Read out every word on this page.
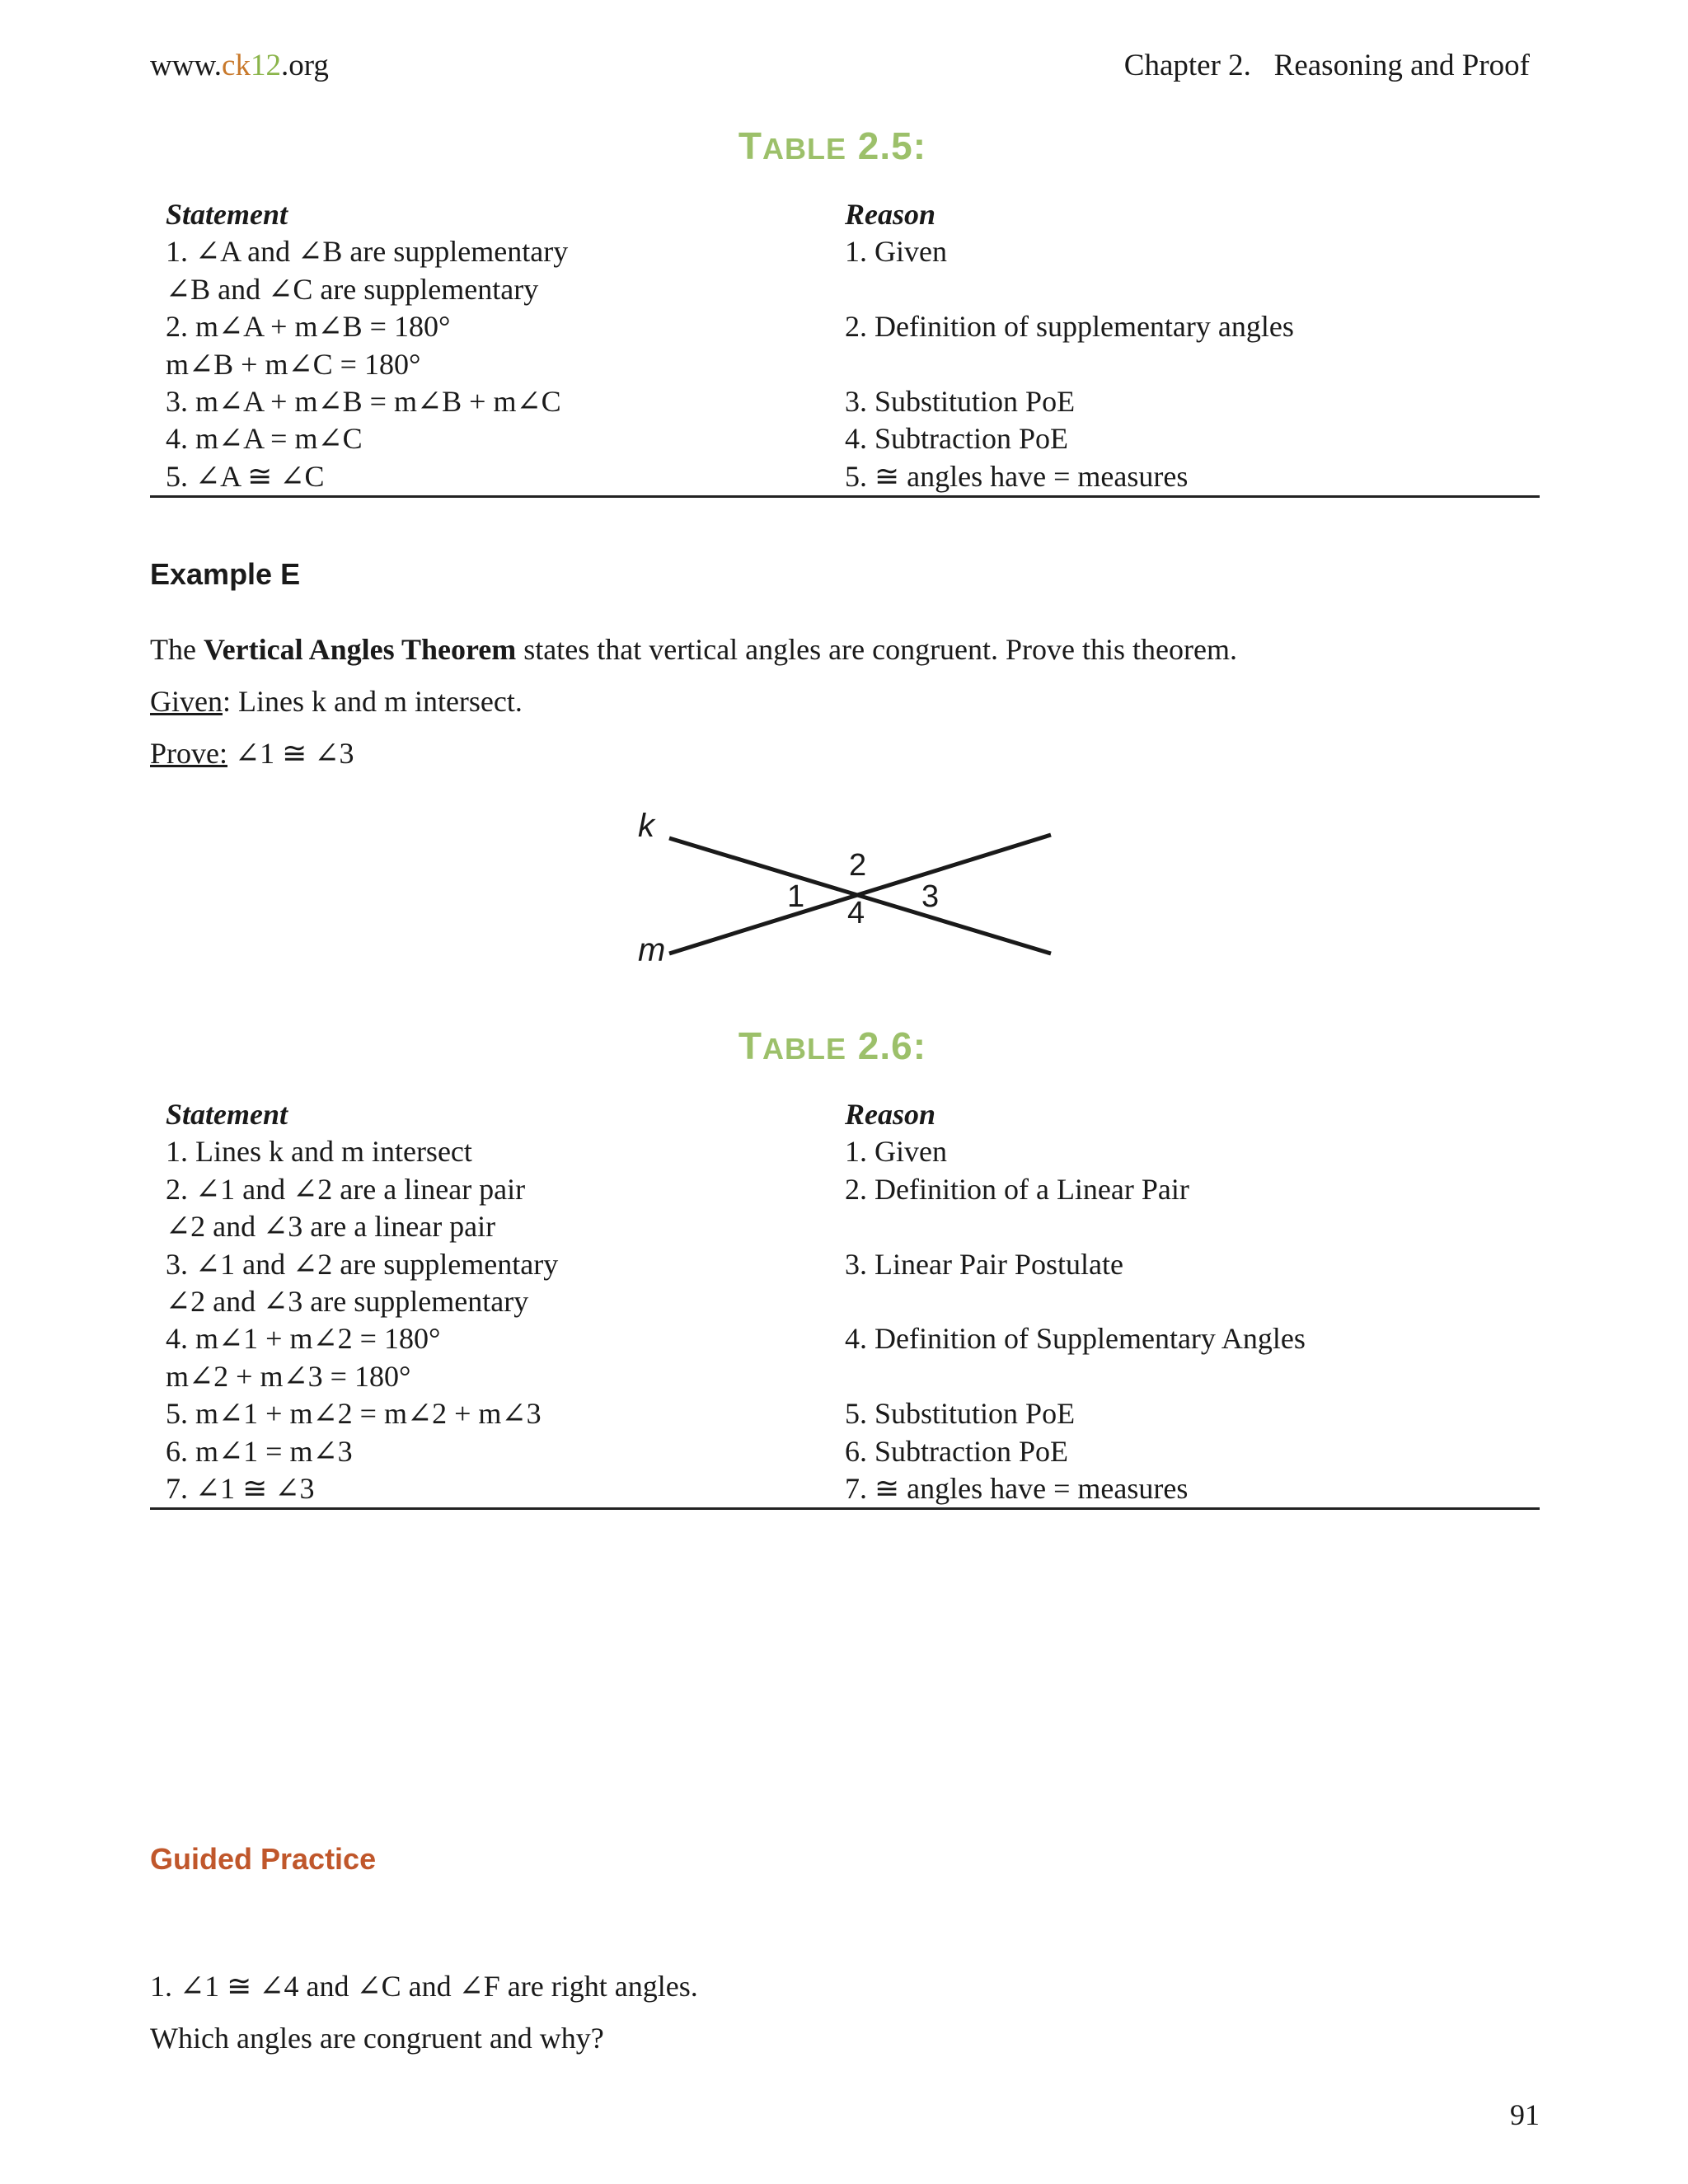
www.ck12.org	Chapter 2.   Reasoning and Proof
TABLE 2.5:
Statement	Reason
1. ∠A and ∠B are supplementary	1. Given
∠B and ∠C are supplementary
2. m∠A + m∠B = 180°	2. Definition of supplementary angles
m∠B + m∠C = 180°
3. m∠A + m∠B = m∠B + m∠C	3. Substitution PoE
4. m∠A = m∠C	4. Subtraction PoE
5. ∠A ≅ ∠C	5. ≅ angles have = measures
Example E
The Vertical Angles Theorem states that vertical angles are congruent. Prove this theorem.
Given: Lines k and m intersect.
Prove: ∠1 ≅ ∠3
k
m
1
2
3
4
TABLE 2.6:
Statement	Reason
1. Lines k and m intersect	1. Given
2. ∠1 and ∠2 are a linear pair	2. Definition of a Linear Pair
∠2 and ∠3 are a linear pair
3. ∠1 and ∠2 are supplementary	3. Linear Pair Postulate
∠2 and ∠3 are supplementary
4. m∠1 + m∠2 = 180°	4. Definition of Supplementary Angles
m∠2 + m∠3 = 180°
5. m∠1 + m∠2 = m∠2 + m∠3	5. Substitution PoE
6. m∠1 = m∠3	6. Subtraction PoE
7. ∠1 ≅ ∠3	7. ≅ angles have = measures
Guided Practice
1. ∠1 ≅ ∠4 and ∠C and ∠F are right angles.
Which angles are congruent and why?
91
